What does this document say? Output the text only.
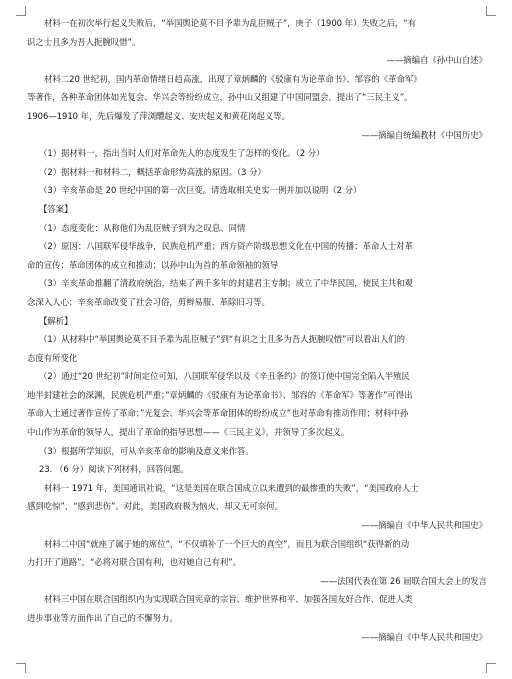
材料一在初次举行起义失败后，“举国舆论莫不目予辈为乱臣贼子”，庚子（1900 年）失败之后，“有
识之士且多为吾人扼腕叹惜”。
——摘编自《孙中山自述》
材料二20 世纪初，国内革命情绪日趋高涨，出现了章炳麟的《驳康有为论革命书》、邹容的《革命军》
等著作，各种革命团体如光复会、华兴会等纷纷成立，孙中山又组建了中国同盟会，提出了“三民主义”。
1906—1910 年，先后爆发了萍浏醴起义、安庆起义和黄花岗起义等。
——摘编自统编教材《中国历史》
（1）据材料一，指出当时人们对革命先人的态度发生了怎样的变化。（2 分）
（2）据材料一和材料二，概括革命形势高涨的原因。（3 分）
（3）辛亥革命是 20 世纪中国的第一次巨变。请选取相关史实一例并加以说明（2 分）
【答案】
（1）态度变化：从称他们为乱臣贼子到为之叹息、同情
（2）原因：八国联军侵华战争，民族危机严重；西方资产阶级思想文化在中国的传播；革命人士对革
命的宣传；革命团体的成立和推动；以孙中山为首的革命领袖的领导
（3）辛亥革命推翻了清政府统治，结束了两千多年的封建君主专制；成立了中华民国，使民主共和观
念深入人心；辛亥革命改变了社会习俗，剪辫易服、革除旧习等。
【解析】
（1）从材料中“举国舆论莫不目予辈为乱臣贼子”到“有识之士且多为吾人扼腕叹惜”可以看出人们的
态度有所变化
（2）通过“20 世纪初”时间定位可知，八国联军侵华以及《辛丑条约》的签订使中国完全陷入半殖民
地半封建社会的深渊，民族危机严重；”章炳麟的《驳康有为论革命书》、邹容的《革命军》等著作”可得出
革命人士通过著作宣传了革命；”光复会、华兴会等革命团体的纷纷成立”也对革命有推动作用；材料中孙
中山作为革命的领导人，提出了革命的指导思想——《三民主义》，并领导了多次起义。
（3）根据所学知识，可从辛亥革命的影响及意义来作答。
23. （6 分）阅读下列材料，回答问题。
材料一 1971 年，美国通讯社说，“这是美国在联合国成立以来遭到的最惨重的失败”，“美国政府人士
感到吃惊”，“感到悲伤”。对此，美国政府极为恼火，却又无可奈何。
——摘编自《中华人民共和国史》
材料二中国“就座了属于她的席位”，“不仅填补了一个巨大的真空”，而且为联合国组织“获得新的动
力打开了道路”，“必将对联合国有利，也对她自己有利”。
——法国代表在第 26 届联合国大会上的发言
材料三中国在联合国组织内为实现联合国宪章的宗旨、维护世界和平、加强各国友好合作、促进人类
进步事业等方面作出了自己的不懈努力。
——摘编自《中华人民共和国史》
